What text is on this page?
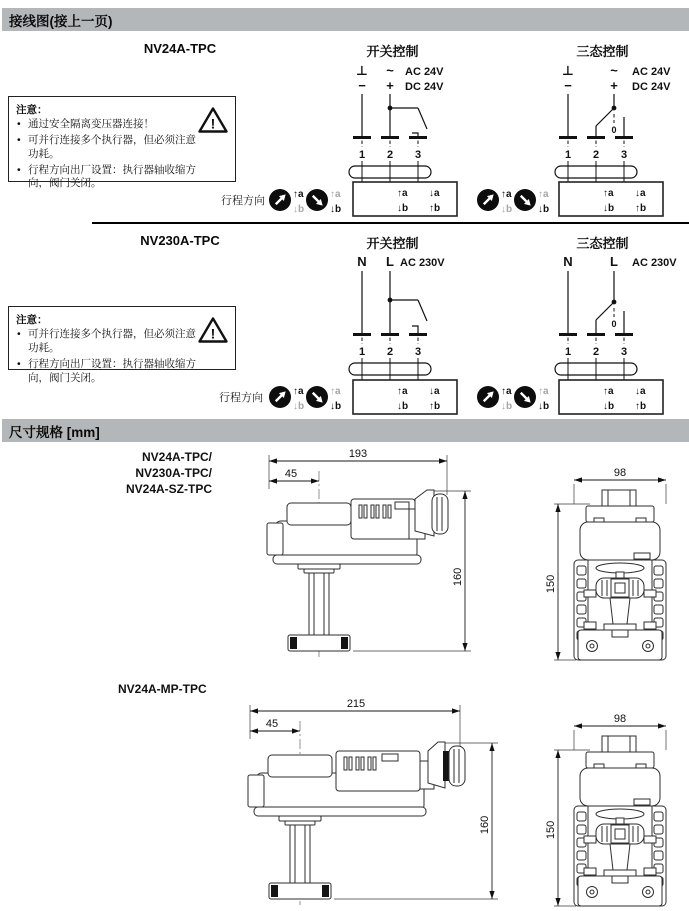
接线图(接上一页)
NV24A-TPC	开关控制	三态控制
⊥
−
~
+
AC 24V
DC 24V
1 2 3
↑a
↓b
↓a
↑b
⊥
−
~
+
AC 24V
DC 24V
0
1 2 3
↑a
↓b
↓a
↑b
!
注意：
• 通过安全隔离变压器连接！
• 可并行连接多个执行器，但必须注意功耗。
• 行程方向出厂设置：执行器轴收缩方向，阀门关闭。
行程方向
↑a
↓b
↑a
↓b
↑a
↓b
↑a
↓b
NV230A-TPC	开关控制	三态控制
N L AC 230V
1 2 3
↑a
↓b
↓a
↑b
N	L AC 230V
0
1 2 3
↑a
↓b
↓a
↑b
!
注意：
• 可并行连接多个执行器，但必须注意功耗。
• 行程方向出厂设置：执行器轴收缩方向，阀门关闭。
行程方向
↑a
↓b
↑a
↓b
↑a
↓b
↑a
↓b
尺寸规格 [mm]
NV24A-TPC/
NV230A-TPC/
NV24A-SZ-TPC
193
45
160
98
150
NV24A-MP-TPC
215
45
160
98
150
